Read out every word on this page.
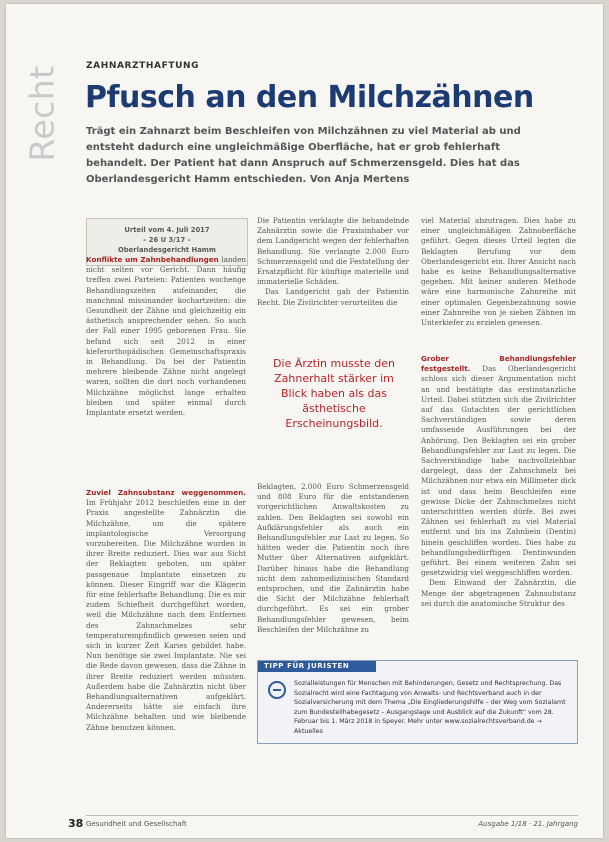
Recht	ZAHNARZTHAFTUNG
Pfusch an den Milchzähnen
Trägt ein Zahnarzt beim Beschleifen von Milchzähnen zu viel Material ab und entsteht dadurch eine ungleichmäßige Oberfläche, hat er grob fehlerhaft behandelt. Der Patient hat dann Anspruch auf Schmerzensgeld. Dies hat das Oberlandesgericht Hamm entschieden. Von Anja Mertens
Urteil vom 4. Juli 2017
– 26 U 3/17 –
Oberlandesgericht Hamm

Konflikte um Zahnbehandlungen landen nicht selten vor Gericht. Dann häufig treffen zwei Parteien: Patienten wochenge Behandlungszeiten aufeinander, die manchmal missinander kochartzeiten: die Gesundheit der Zähne und gleichzeitig ein ästhetisch ansprechender sehen. So auch der Fall einer 1995 geborenen Frau. Sie befand sich seit 2012 in einer kieferorthopädischen Gemeinschaftspraxis in Behandlung. Da bei der Patientin mehrere bleibende Zähne nicht angelegt waren, sollten die dort noch vorhandenen Milchzähne möglichst lange erhalten bleiben und später einmal durch Implantate ersetzt werden.

Zuviel Zahnsubstanz weggenommen. Im Frühjahr 2012 beschleifen eine in der Praxis angestellte Zahnärztin die Milchzähne, um die spätere implantologische Versorgung vorzubereiten. Die Milchzähne wurden in ihrer Breite reduziert. Dies war aus Sicht der Beklagten geboten, um später passgenaue Implantate einsetzen zu können. Dieser Eingriff war die Klägerin für eine fehlerhafte Behandlung. Die es mir zudem Schiefheit durchgeführt worden, weil die Milchzähne nach dem Entfernen des Zahnschmelzes sehr temperaturempfindlich gewesen seien und sich in kurzer Zeit Karies gebildet habe. Nun benötige sie zwei Implantate. Nie sei die Rede davon gewesen, dass die Zähne in ihrer Breite reduziert werden müssten. Außerdem habe die Zahnärztin nicht über Behandlungsalternativen aufgeklärt. Andererseits hätte sie einfach ihre Milchzähne behalten und wie bleibende Zähne benutzen können.

Die Patientin verklagte die behandelnde Zahnärztin sowie die Praxisinhaber vor dem Landgericht wegen der fehlerhaften Behandlung. Sie verlangte 2.000 Euro Schmerzensgeld und die Feststellung der Ersatzpflicht für künftige materielle und immaterielle Schäden.

Das Landgericht gab der Patientin Recht. Die Zivilrichter verurteilten die

Die Ärztin musste den Zahnerhalt stärker im Blick haben als das ästhetische Erscheinungsbild.

Beklagten, 2.000 Euro Schmerzensgeld und 808 Euro für die entstandenen vorgerichtlichen Anwaltskosten zu zahlen. Den Beklagten sei sowohl ein Aufklärungsfehler als auch ein Behandlungsfehler zur Last zu legen. So hätten weder die Patientin noch ihre Mutter über Alternativen aufgeklärt. Darüber hinaus habe die Behandlung nicht dem zahnmedizinischen Standard entsprochen, und die Zahnärztin habe die Sicht der Milchzähne fehlerhaft durchgeführt. Es sei ein grober Behandlungsfehler gewesen, beim Beschleifen der Milchzähne zu

viel Material abzutragen. Dies habe zu einer ungleichmäßigen Zahnoberfläche geführt. Gegen dieses Urteil legten die Beklagten Berufung vor dem Oberlandesgericht ein. Ihrer Ansicht nach habe es keine Behandlungsalternative gegeben. Mit keiner anderen Methode wäre eine harmonische Zahnreihe mit einer optimalen Gegenbezahnung sowie einer Zahnreihe von je sieben Zähnen im Unterkiefer zu erzielen gewesen.

Grober Behandlungsfehler festgestellt. Das Oberlandesgericht schloss sich dieser Argumentation nicht an und bestätigte das erstinstanzliche Urteil. Dabei stützten sich die Zivilrichter auf das Gutachten der gerichtlichen Sachverständigen sowie deren umfassende Ausführungen bei der Anhörung. Den Beklagten sei ein grober Behandlungsfehler zur Last zu legen. Die Sachverständige habe nachvollziehbar dargelegt, dass der Zahnschmelz bei Milchzähnen nur etwa ein Millimeter dick ist und dass beim Beschleifen eine gewisse Dicke der Zahnschmelzes nicht unterschritten werden dürfe. Bei zwei Zähnen sei fehlerhaft zu viel Material entfernt und bis ins Zahnbein (Dentin) hinein geschliffen worden. Dies habe zu behandlungsbedürftigen Dentinwunden geführt. Bei einem weiteren Zahn sei gesetzwidrig viel weggeschliffen worden.

Dem Einwand der Zahnärztin, die Menge der abgetragenen Zahnsubstanz sei durch die anatomische Struktur des

TIPP FÜR JURISTEN
Sozialleistungen für Menschen mit Behinderungen, Gesetz und Rechtsprechung. Das Sozialrecht wird eine Fachtagung von Anwalts- und Rechtsverband auch in der Sozialversicherung mit dem Thema „Die Eingliederungshilfe – der Weg vom Sozialamt zum Bundesteilhabegesetz – Ausgangslage und Ausblick auf die Zukunft“ vom 28. Februar bis 1. März 2018 in Speyer. Mehr unter www.sozialrechtsverband.de → Aktuelles
38 Gesundheit und Gesellschaft	Ausgabe 1/18 · 21. Jahrgang
